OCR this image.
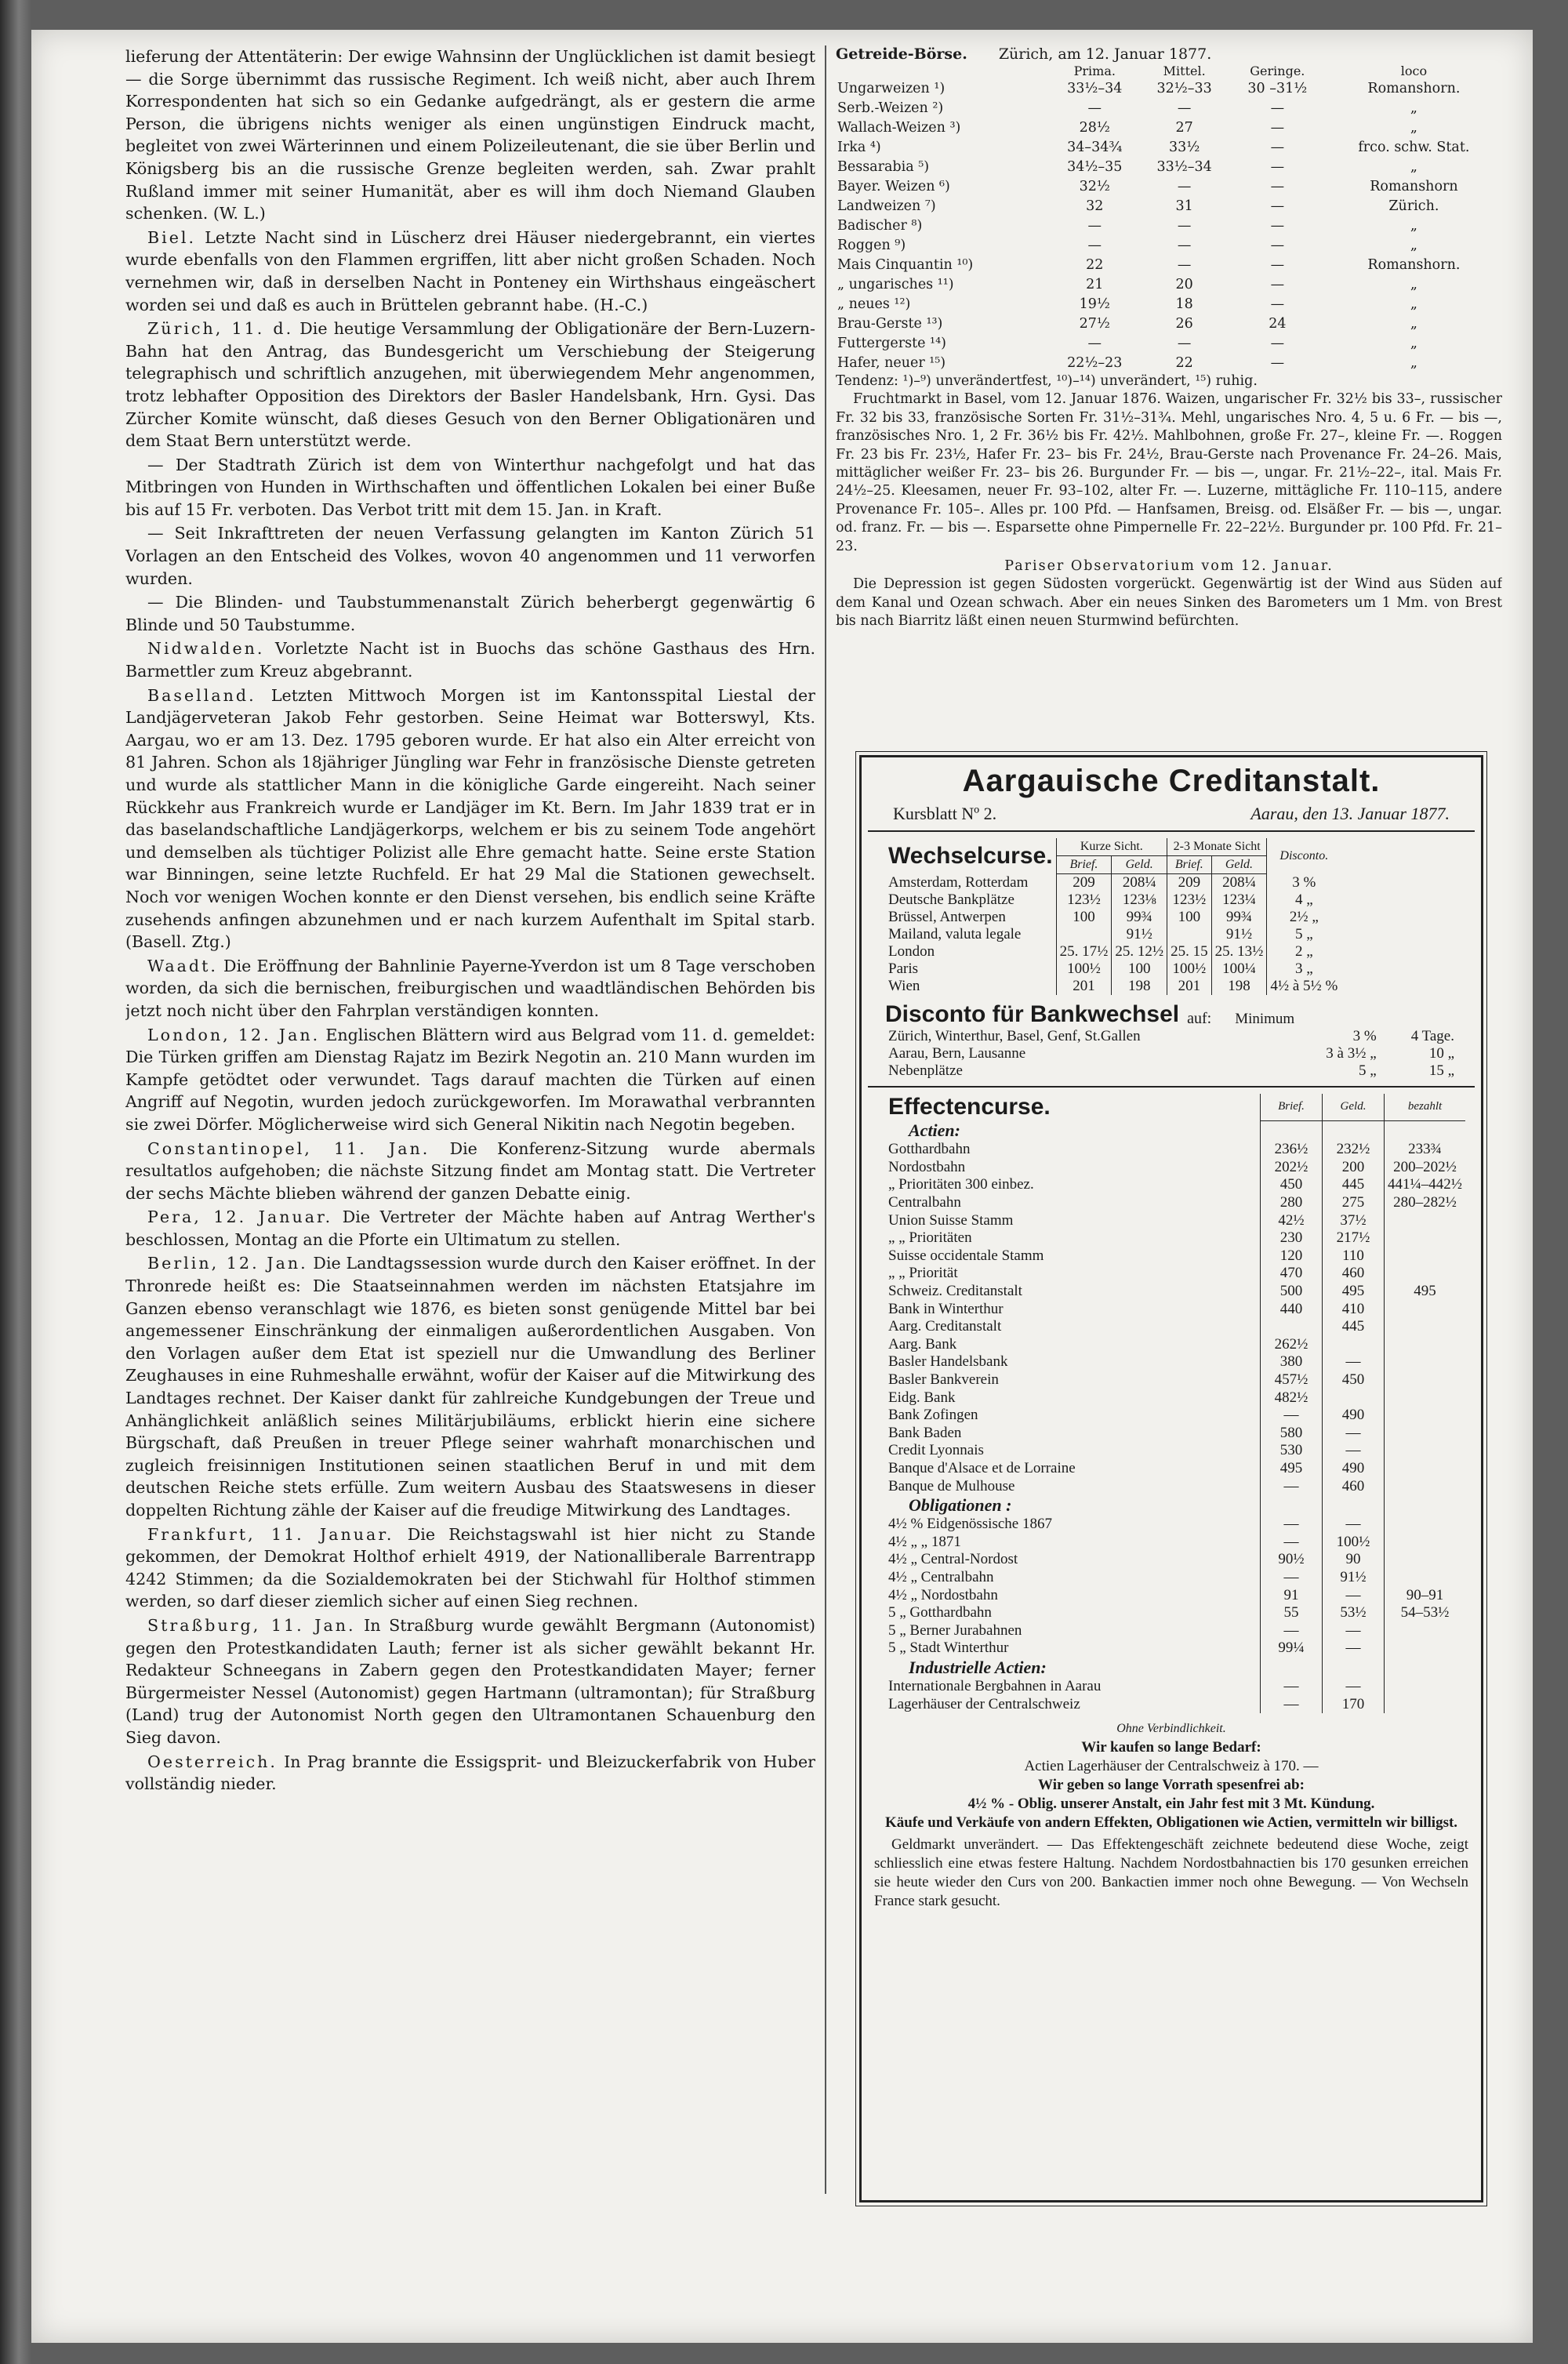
lieferung der Attentäterin: Der ewige Wahnsinn der Unglücklichen ist damit besiegt — die Sorge übernimmt das russische Regiment. Ich weiß nicht, aber auch Ihrem Korrespondenten hat sich so ein Gedanke aufgedrängt, als er gestern die arme Person, die übrigens nichts weniger als einen ungünstigen Eindruck macht, begleitet von zwei Wärterinnen und einem Polizeileutenant, die sie über Berlin und Königsberg bis an die russische Grenze begleiten werden, sah. Zwar prahlt Rußland immer mit seiner Humanität, aber es will ihm doch Niemand Glauben schenken. (W. L.)

Biel. Letzte Nacht sind in Lüscherz drei Häuser niedergebrannt, ein viertes wurde ebenfalls von den Flammen ergriffen, litt aber nicht großen Schaden. Noch vernehmen wir, daß in derselben Nacht in Ponteney ein Wirthshaus eingeäschert worden sei und daß es auch in Brüttelen gebrannt habe. (H.-C.)

Zürich, 11. d. Die heutige Versammlung der Obligationäre der Bern-Luzern-Bahn hat den Antrag, das Bundesgericht um Verschiebung der Steigerung telegraphisch und schriftlich anzugehen, mit überwiegendem Mehr angenommen, trotz lebhafter Opposition des Direktors der Basler Handelsbank, Hrn. Gysi. Das Zürcher Komite wünscht, daß dieses Gesuch von den Berner Obligationären und dem Staat Bern unterstützt werde.

— Der Stadtrath Zürich ist dem von Winterthur nachgefolgt und hat das Mitbringen von Hunden in Wirthschaften und öffentlichen Lokalen bei einer Buße bis auf 15 Fr. verboten. Das Verbot tritt mit dem 15. Jan. in Kraft.

— Seit Inkrafttreten der neuen Verfassung gelangten im Kanton Zürich 51 Vorlagen an den Entscheid des Volkes, wovon 40 angenommen und 11 verworfen wurden.

— Die Blinden- und Taubstummenanstalt Zürich beherbergt gegenwärtig 6 Blinde und 50 Taubstumme.

Nidwalden. Vorletzte Nacht ist in Buochs das schöne Gasthaus des Hrn. Barmettler zum Kreuz abgebrannt.

Baselland. Letzten Mittwoch Morgen ist im Kantonsspital Liestal der Landjägerveteran Jakob Fehr gestorben. Seine Heimat war Botterswyl, Kts. Aargau, wo er am 13. Dez. 1795 geboren wurde. Er hat also ein Alter erreicht von 81 Jahren. Schon als 18jähriger Jüngling war Fehr in französische Dienste getreten und wurde als stattlicher Mann in die königliche Garde eingereiht. Nach seiner Rückkehr aus Frankreich wurde er Landjäger im Kt. Bern. Im Jahr 1839 trat er in das baselandschaftliche Landjägerkorps, welchem er bis zu seinem Tode angehört und demselben als tüchtiger Polizist alle Ehre gemacht hatte. Seine erste Station war Binningen, seine letzte Ruchfeld. Er hat 29 Mal die Stationen gewechselt. Noch vor wenigen Wochen konnte er den Dienst versehen, bis endlich seine Kräfte zusehends anfingen abzunehmen und er nach kurzem Aufenthalt im Spital starb. (Basell. Ztg.)

Waadt. Die Eröffnung der Bahnlinie Payerne-Yverdon ist um 8 Tage verschoben worden, da sich die bernischen, freiburgischen und waadtländischen Behörden bis jetzt noch nicht über den Fahrplan verständigen konnten.

London, 12. Jan. Englischen Blättern wird aus Belgrad vom 11. d. gemeldet: Die Türken griffen am Dienstag Rajatz im Bezirk Negotin an. 210 Mann wurden im Kampfe getödtet oder verwundet. Tags darauf machten die Türken auf einen Angriff auf Negotin, wurden jedoch zurückgeworfen. Im Morawathal verbrannten sie zwei Dörfer. Möglicherweise wird sich General Nikitin nach Negotin begeben.

Constantinopel, 11. Jan. Die Konferenz-Sitzung wurde abermals resultatlos aufgehoben; die nächste Sitzung findet am Montag statt. Die Vertreter der sechs Mächte blieben während der ganzen Debatte einig.

Pera, 12. Januar. Die Vertreter der Mächte haben auf Antrag Werther's beschlossen, Montag an die Pforte ein Ultimatum zu stellen.

Berlin, 12. Jan. Die Landtagssession wurde durch den Kaiser eröffnet. In der Thronrede heißt es: Die Staatseinnahmen werden im nächsten Etatsjahre im Ganzen ebenso veranschlagt wie 1876, es bieten sonst genügende Mittel bar bei angemessener Einschränkung der einmaligen außerordentlichen Ausgaben. Von den Vorlagen außer dem Etat ist speziell nur die Umwandlung des Berliner Zeughauses in eine Ruhmeshalle erwähnt, wofür der Kaiser auf die Mitwirkung des Landtages rechnet. Der Kaiser dankt für zahlreiche Kundgebungen der Treue und Anhänglichkeit anläßlich seines Militärjubiläums, erblickt hierin eine sichere Bürgschaft, daß Preußen in treuer Pflege seiner wahrhaft monarchischen und zugleich freisinnigen Institutionen seinen staatlichen Beruf in und mit dem deutschen Reiche stets erfülle. Zum weitern Ausbau des Staatswesens in dieser doppelten Richtung zähle der Kaiser auf die freudige Mitwirkung des Landtages.

Frankfurt, 11. Januar. Die Reichstagswahl ist hier nicht zu Stande gekommen, der Demokrat Holthof erhielt 4919, der Nationalliberale Barrentrapp 4242 Stimmen; da die Sozialdemokraten bei der Stichwahl für Holthof stimmen werden, so darf dieser ziemlich sicher auf einen Sieg rechnen.

Straßburg, 11. Jan. In Straßburg wurde gewählt Bergmann (Autonomist) gegen den Protestkandidaten Lauth; ferner ist als sicher gewählt bekannt Hr. Redakteur Schneegans in Zabern gegen den Protestkandidaten Mayer; ferner Bürgermeister Nessel (Autonomist) gegen Hartmann (ultramontan); für Straßburg (Land) trug der Autonomist North gegen den Ultramontanen Schauenburg den Sieg davon.

Oesterreich. In Prag brannte die Essigsprit- und Bleizuckerfabrik von Huber vollständig nieder.

Getreide-Börse. Zürich, am 12. Januar 1877.
	Prima.	Mittel.	Geringe.	loco
Ungarweizen ¹)	33½–34	32½–33	30 –31½	Romanshorn.
Serb.-Weizen ²)	—	—	—	„
Wallach-Weizen ³)	28½	27	—	„
Irka ⁴)	34–34¾	33½	—	frco. schw. Stat.
Bessarabia ⁵)	34½–35	33½–34	—	„
Bayer. Weizen ⁶)	32½	—	—	Romanshorn
Landweizen ⁷)	32	31	—	Zürich.
Badischer ⁸)	—	—	—	„
Roggen ⁹)	—	—	—	„
Mais Cinquantin ¹⁰)	22	—	—	Romanshorn.
„ ungarisches ¹¹)	21	20	—	„
„ neues ¹²)	19½	18	—	„
Brau-Gerste ¹³)	27½	26	24	„
Futtergerste ¹⁴)	—	—	—	„
Hafer, neuer ¹⁵)	22½–23	22	—	„

Tendenz: ¹)–⁹) unverändertfest, ¹⁰)–¹⁴) unverändert, ¹⁵) ruhig.

Fruchtmarkt in Basel, vom 12. Januar 1876. Waizen, ungarischer Fr. 32½ bis 33–, russischer Fr. 32 bis 33, französische Sorten Fr. 31½–31¾. Mehl, ungarisches Nro. 4, 5 u. 6 Fr. — bis —, französisches Nro. 1, 2 Fr. 36½ bis Fr. 42½. Mahlbohnen, große Fr. 27–, kleine Fr. —. Roggen Fr. 23 bis Fr. 23½, Hafer Fr. 23– bis Fr. 24½, Brau-Gerste nach Provenance Fr. 24–26. Mais, mittäglicher weißer Fr. 23– bis 26. Burgunder Fr. — bis —, ungar. Fr. 21½–22–, ital. Mais Fr. 24½–25. Kleesamen, neuer Fr. 93–102, alter Fr. —. Luzerne, mittägliche Fr. 110–115, andere Provenance Fr. 105–. Alles pr. 100 Pfd. — Hanfsamen, Breisg. od. Elsäßer Fr. — bis —, ungar. od. franz. Fr. — bis —. Esparsette ohne Pimpernelle Fr. 22–22½. Burgunder pr. 100 Pfd. Fr. 21–23.

Pariser Observatorium vom 12. Januar.

Die Depression ist gegen Südosten vorgerückt. Gegenwärtig ist der Wind aus Süden auf dem Kanal und Ozean schwach. Aber ein neues Sinken des Barometers um 1 Mm. von Brest bis nach Biarritz läßt einen neuen Sturmwind befürchten.

Aargauische Creditanstalt.
Kursblatt Nº 2.	Aarau, den 13. Januar 1877.
Wechselcurse.	Kurze Sicht.		2-3 Monate Sicht		Disconto.
	Brief.	Geld.	Brief.	Geld.	
Amsterdam, Rotterdam	209	208¼	209	208¼	3 %
Deutsche Bankplätze	123½	123⅛	123½	123¼	4 „
Brüssel, Antwerpen	100	99¾	100	99¾	2½ „
Mailand, valuta legale		91½		91½	5 „
London	25. 17½	25. 12½	25. 15	25. 13½	2 „
Paris	100½	100	100½	100¼	3 „
Wien	201	198	201	198	4½ à 5½ %
Disconto für Bankwechsel auf: Minimum
Zürich, Winterthur, Basel, Genf, St.Gallen	3 %	4 Tage.
Aarau, Bern, Lausanne	3 à 3½ „	10 „
Nebenplätze	5 „	15 „
Effectencurse.	Brief.	Geld.	bezahlt
Actien:			
Gotthardbahn	236½	232½	233¾
Nordostbahn	202½	200	200–202½
„ Prioritäten 300 einbez.	450	445	441¼–442½
Centralbahn	280	275	280–282½
Union Suisse Stamm	42½	37½	
„ „ Prioritäten	230	217½	
Suisse occidentale Stamm	120	110	
„ „ Priorität	470	460	
Schweiz. Creditanstalt	500	495	495
Bank in Winterthur	440	410	
Aarg. Creditanstalt		445	
Aarg. Bank	262½		
Basler Handelsbank	380	—	
Basler Bankverein	457½	450	
Eidg. Bank	482½		
Bank Zofingen	—	490	
Bank Baden	580	—	
Credit Lyonnais	530	—	
Banque d'Alsace et de Lorraine	495	490	
Banque de Mulhouse	—	460	
Obligationen :			
4½ % Eidgenössische 1867	—	—	
4½ „ „ 1871	—	100½	
4½ „ Central-Nordost	90½	90	
4½ „ Centralbahn	—	91½	
4½ „ Nordostbahn	91	—	90–91
5 „ Gotthardbahn	55	53½	54–53½
5 „ Berner Jurabahnen	—	—	
5 „ Stadt Winterthur	99¼	—	
Industrielle Actien:			
Internationale Bergbahnen in Aarau	—	—	
Lagerhäuser der Centralschweiz	—	170	
Ohne Verbindlichkeit.
Wir kaufen so lange Bedarf:
Actien Lagerhäuser der Centralschweiz à 170. —
Wir geben so lange Vorrath spesenfrei ab:
4½ % - Oblig. unserer Anstalt, ein Jahr fest mit 3 Mt. Kündung.
Käufe und Verkäufe von andern Effekten, Obligationen wie Actien, vermitteln wir billigst.
Geldmarkt unverändert. — Das Effektengeschäft zeichnete bedeutend diese Woche, zeigt schliesslich eine etwas festere Haltung. Nachdem Nordostbahnactien bis 170 gesunken erreichen sie heute wieder den Curs von 200. Bankactien immer noch ohne Bewegung. — Von Wechseln France stark gesucht.
